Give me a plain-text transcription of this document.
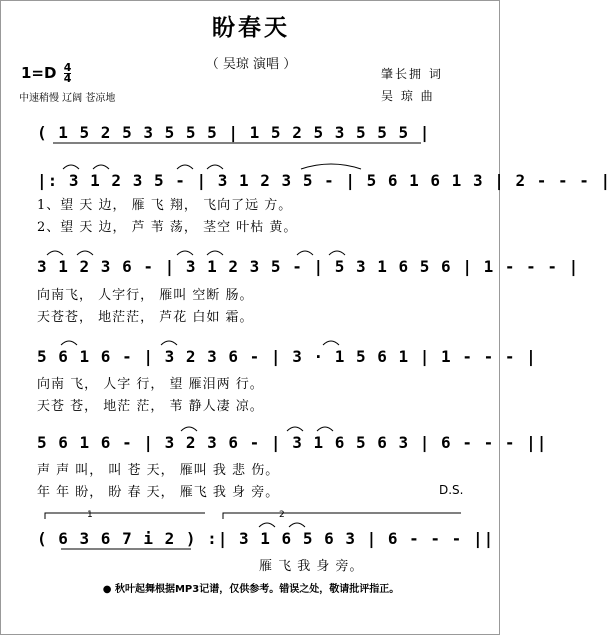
盼春天
（ 吴琼 演唱 ）
$1=D \frac{4}{4}$
中速稍慢 辽阔 苍凉地
肇长拥 词
吴 琼 曲
( 1 5 2 5 3 5 5 5 | 1 5 2 5 3 5 5 5 |
|: 3 1 2 3 5 - | 3 1 2 3 5 - | 5 6 1 6 1 3 | 2 - - - |
1、望 天 边， 雁 飞 翔， 飞向了远 方。
2、望 天 边， 芦 苇 荡， 茎空 叶枯 黄。
3 1 2 3 6 - | 3 1 2 3 5 - | 5 3 1 6 5 6 | 1 - - - |
向南飞， 人字行， 雁叫 空断 肠。
天苍苍， 地茫茫， 芦花 白如 霜。
5 6 1 6 - | 3 2 3 6 - | 3 · 1 5 6 1 | 1 - - - |
向南 飞， 人字 行， 望 雁泪两 行。
天苍 苍， 地茫 茫， 苇 静人凄 凉。
5 6 1 6 - | 3 2 3 6 - | 3 1 6 5 6 3 | 6 - - - ||
声 声 叫， 叫 苍 天， 雁叫 我 悲 伤。
年 年 盼， 盼 春 天， 雁飞 我 身 旁。	D.S.
1	2
( 6 3 6 7 i 2 ) :| 3 1 6 5 6 3 | 6 - - - ||
雁 飞 我 身 旁。
● 秋叶起舞根据MP3记谱，仅供参考。错误之处，敬请批评指正。
